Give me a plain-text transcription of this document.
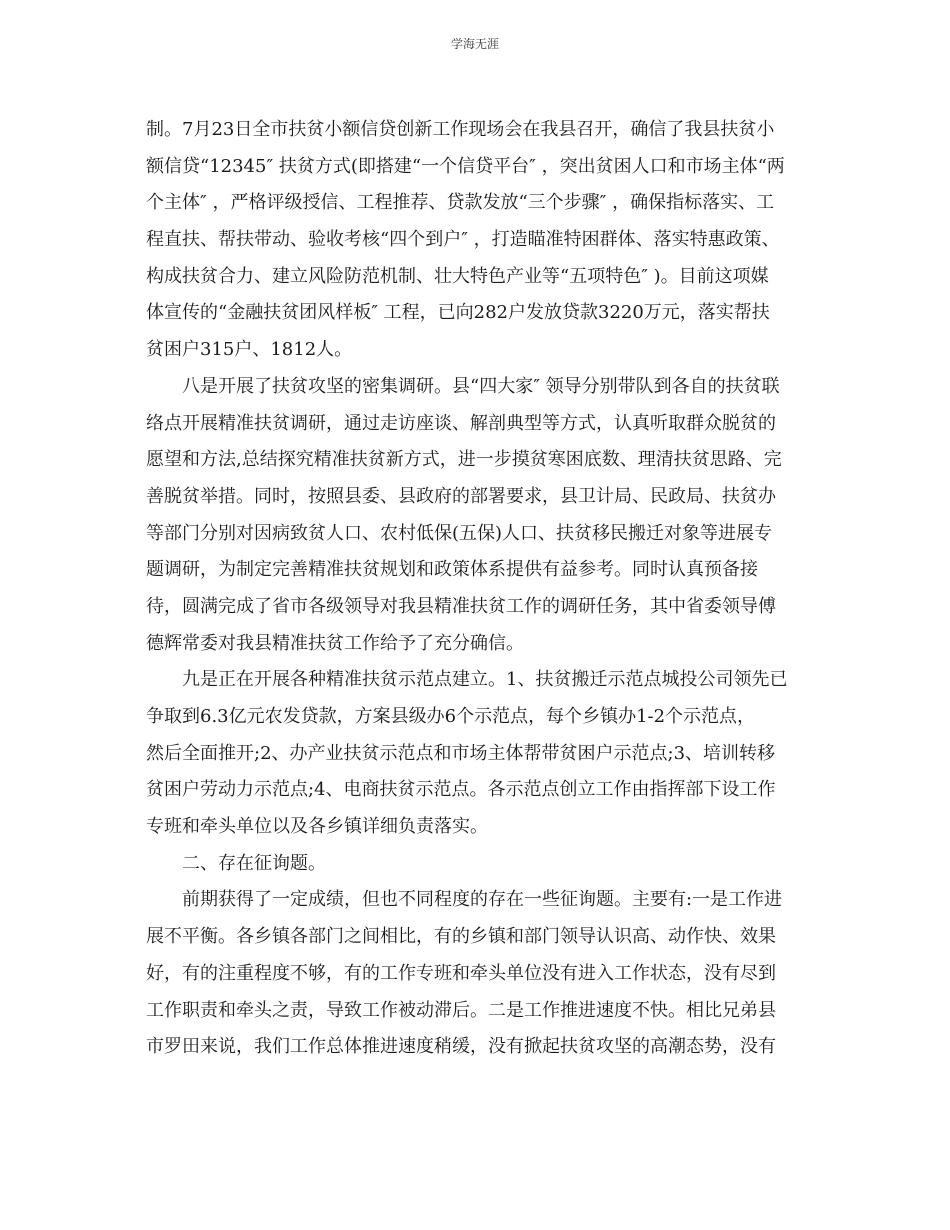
学海无涯
制。7月23日全市扶贫小额信贷创新工作现场会在我县召开，确信了我县扶贫小
额信贷“12345″ 扶贫方式(即搭建“一个信贷平台″ ，突出贫困人口和市场主体“两
个主体″ ，严格评级授信、工程推荐、贷款发放“三个步骤″ ，确保指标落实、工
程直扶、帮扶带动、验收考核“四个到户″ ，打造瞄准特困群体、落实特惠政策、
构成扶贫合力、建立风险防范机制、壮大特色产业等“五项特色″ )。目前这项媒
体宣传的“金融扶贫团风样板″ 工程，已向282户发放贷款3220万元，落实帮扶
贫困户315户、1812人。
八是开展了扶贫攻坚的密集调研。县“四大家″ 领导分别带队到各自的扶贫联
络点开展精准扶贫调研，通过走访座谈、解剖典型等方式，认真听取群众脱贫的
愿望和方法,总结探究精准扶贫新方式，进一步摸贫寒困底数、理清扶贫思路、完
善脱贫举措。同时，按照县委、县政府的部署要求，县卫计局、民政局、扶贫办
等部门分别对因病致贫人口、农村低保(五保)人口、扶贫移民搬迁对象等进展专
题调研，为制定完善精准扶贫规划和政策体系提供有益参考。同时认真预备接
待，圆满完成了省市各级领导对我县精准扶贫工作的调研任务，其中省委领导傅
德辉常委对我县精准扶贫工作给予了充分确信。
九是正在开展各种精准扶贫示范点建立。1、扶贫搬迁示范点城投公司领先已
争取到6.3亿元农发贷款，方案县级办6个示范点，每个乡镇办1-2个示范点，
然后全面推开;2、办产业扶贫示范点和市场主体帮带贫困户示范点;3、培训转移
贫困户劳动力示范点;4、电商扶贫示范点。各示范点创立工作由指挥部下设工作
专班和牵头单位以及各乡镇详细负责落实。
二、存在征询题。
前期获得了一定成绩，但也不同程度的存在一些征询题。主要有:一是工作进
展不平衡。各乡镇各部门之间相比，有的乡镇和部门领导认识高、动作快、效果
好，有的注重程度不够，有的工作专班和牵头单位没有进入工作状态，没有尽到
工作职责和牵头之责，导致工作被动滞后。二是工作推进速度不快。相比兄弟县
市罗田来说，我们工作总体推进速度稍缓，没有掀起扶贫攻坚的高潮态势，没有
